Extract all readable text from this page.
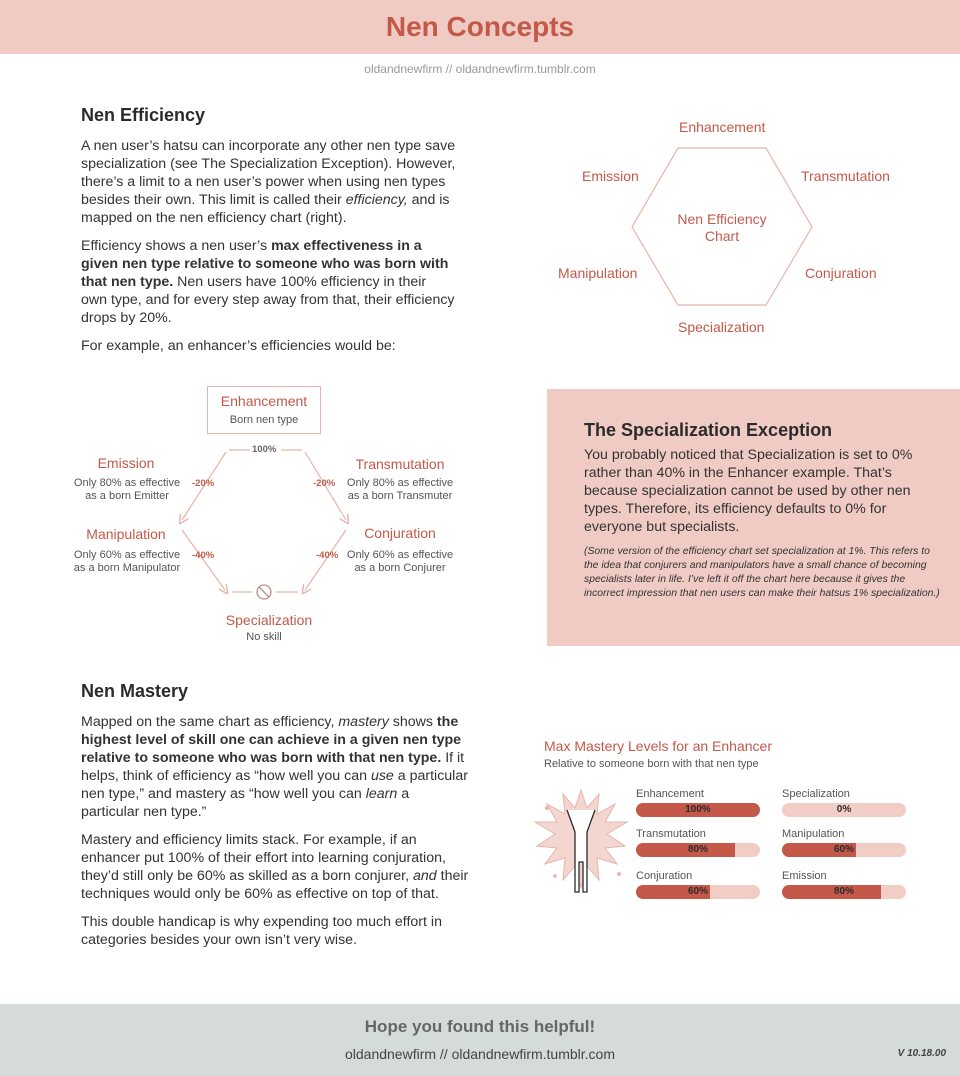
Nen Concepts
oldandnewfirm // oldandnewfirm.tumblr.com
Nen Efficiency

A nen user’s hatsu can incorporate any other nen type save specialization (see The Specialization Exception). However, there’s a limit to a nen user’s power when using nen types besides their own. This limit is called their efficiency, and is mapped on the nen efficiency chart (right).

Efficiency shows a nen user’s max effectiveness in a given nen type relative to someone who was born with that nen type. Nen users have 100% efficiency in their own type, and for every step away from that, their efficiency drops by 20%.

For example, an enhancer’s efficiencies would be:

Enhancement
Transmutation
Conjuration
Specialization
Manipulation
Emission
Nen Efficiency
Chart
Enhancement
Born nen type
100%
Transmutation
Only 80% as effective
as a born Transmuter
-20%
Conjuration
Only 60% as effective
as a born Conjurer
-40%
Specialization
No skill
Manipulation
Only 60% as effective
as a born Manipulator
-40%
Emission
Only 80% as effective
as a born Emitter
-20%
The Specialization Exception
You probably noticed that Specialization is set to 0% rather than 40% in the Enhancer example. That’s because specialization cannot be used by other nen types. Therefore, its efficiency defaults to 0% for everyone but specialists.
(Some version of the efficiency chart set specialization at 1%. This refers to the idea that conjurers and manipulators have a small chance of becoming specialists later in life. I’ve left it off the chart here because it gives the incorrect impression that nen users can make their hatsus 1% specialization.)
Nen Mastery

Mapped on the same chart as efficiency, mastery shows the highest level of skill one can achieve in a given nen type relative to someone who was born with that nen type. If it helps, think of efficiency as “how well you can use a particular nen type,” and mastery as “how well you can learn a particular nen type.”

Mastery and efficiency limits stack. For example, if an enhancer put 100% of their effort into learning conjuration, they’d still only be 60% as skilled as a born conjurer, and their techniques would only be 60% as effective on top of that.

This double handicap is why expending too much effort in categories besides your own isn’t very wise.

Max Mastery Levels for an Enhancer
Relative to someone born with that nen type
Enhancement
100%
Transmutation
80%
Conjuration
60%
Specialization
0%
Manipulation
60%
Emission
80%
Hope you found this helpful!
oldandnewfirm // oldandnewfirm.tumblr.com	V 10.18.00
